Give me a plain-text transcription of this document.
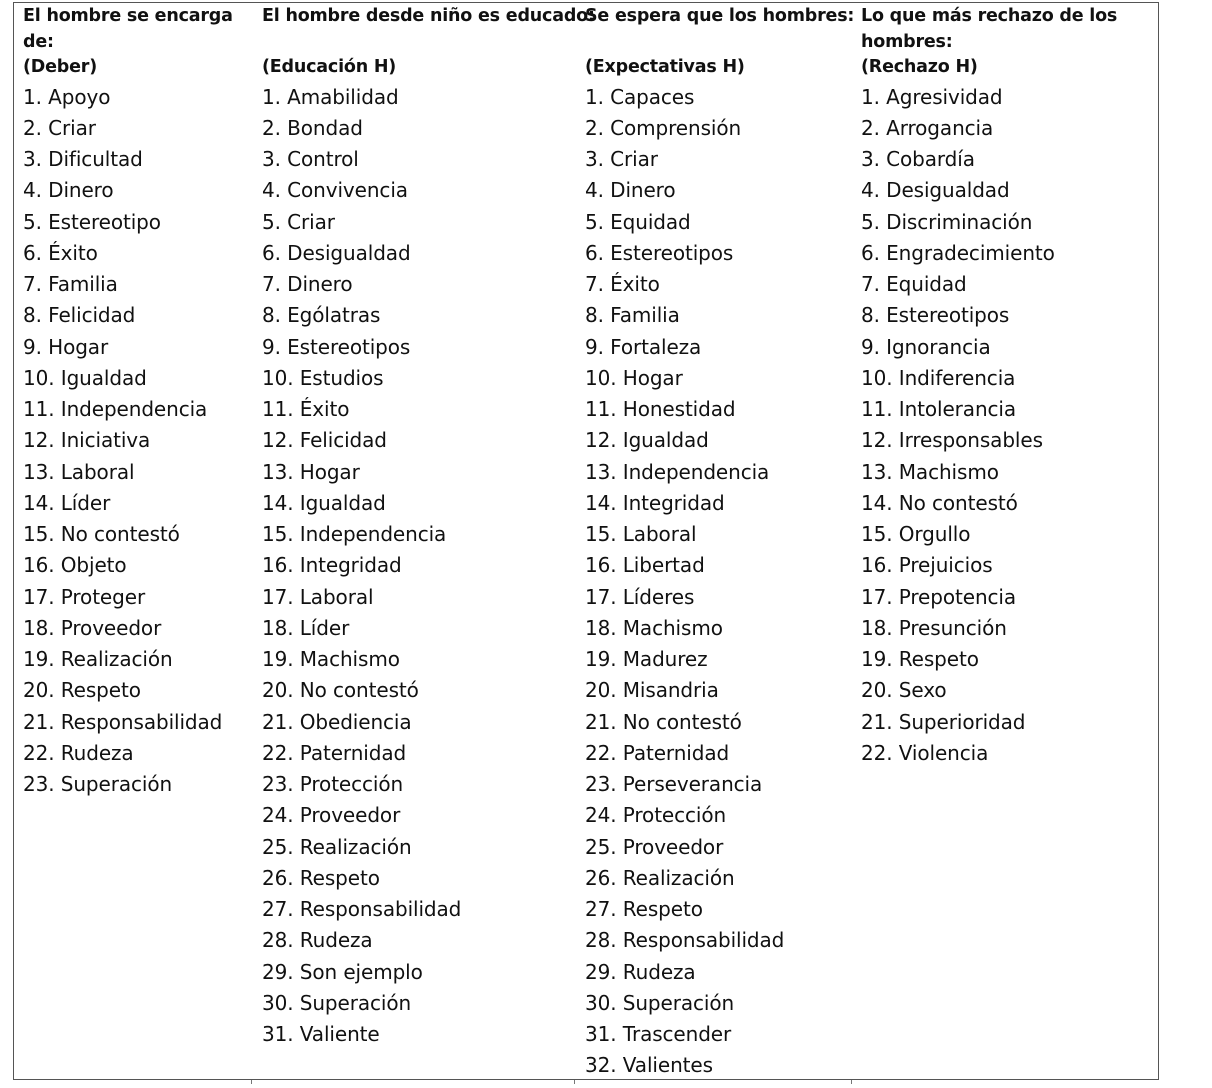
El hombre se encarga
de:
(Deber)
1. Apoyo
2. Criar
3. Dificultad
4. Dinero
5. Estereotipo
6. Éxito
7. Familia
8. Felicidad
9. Hogar
10. Igualdad
11. Independencia
12. Iniciativa
13. Laboral
14. Líder
15. No contestó
16. Objeto
17. Proteger
18. Proveedor
19. Realización
20. Respeto
21. Responsabilidad
22. Rudeza
23. Superación
El hombre desde niño es educado:
(Educación H)
1. Amabilidad
2. Bondad
3. Control
4. Convivencia
5. Criar
6. Desigualdad
7. Dinero
8. Ególatras
9. Estereotipos
10. Estudios
11. Éxito
12. Felicidad
13. Hogar
14. Igualdad
15. Independencia
16. Integridad
17. Laboral
18. Líder
19. Machismo
20. No contestó
21. Obediencia
22. Paternidad
23. Protección
24. Proveedor
25. Realización
26. Respeto
27. Responsabilidad
28. Rudeza
29. Son ejemplo
30. Superación
31. Valiente
Se espera que los hombres:
(Expectativas H)
1. Capaces
2. Comprensión
3. Criar
4. Dinero
5. Equidad
6. Estereotipos
7. Éxito
8. Familia
9. Fortaleza
10. Hogar
11. Honestidad
12. Igualdad
13. Independencia
14. Integridad
15. Laboral
16. Libertad
17. Líderes
18. Machismo
19. Madurez
20. Misandria
21. No contestó
22. Paternidad
23. Perseverancia
24. Protección
25. Proveedor
26. Realización
27. Respeto
28. Responsabilidad
29. Rudeza
30. Superación
31. Trascender
32. Valientes
Lo que más rechazo de los
hombres:
(Rechazo H)
1. Agresividad
2. Arrogancia
3. Cobardía
4. Desigualdad
5. Discriminación
6. Engradecimiento
7. Equidad
8. Estereotipos
9. Ignorancia
10. Indiferencia
11. Intolerancia
12. Irresponsables
13. Machismo
14. No contestó
15. Orgullo
16. Prejuicios
17. Prepotencia
18. Presunción
19. Respeto
20. Sexo
21. Superioridad
22. Violencia
